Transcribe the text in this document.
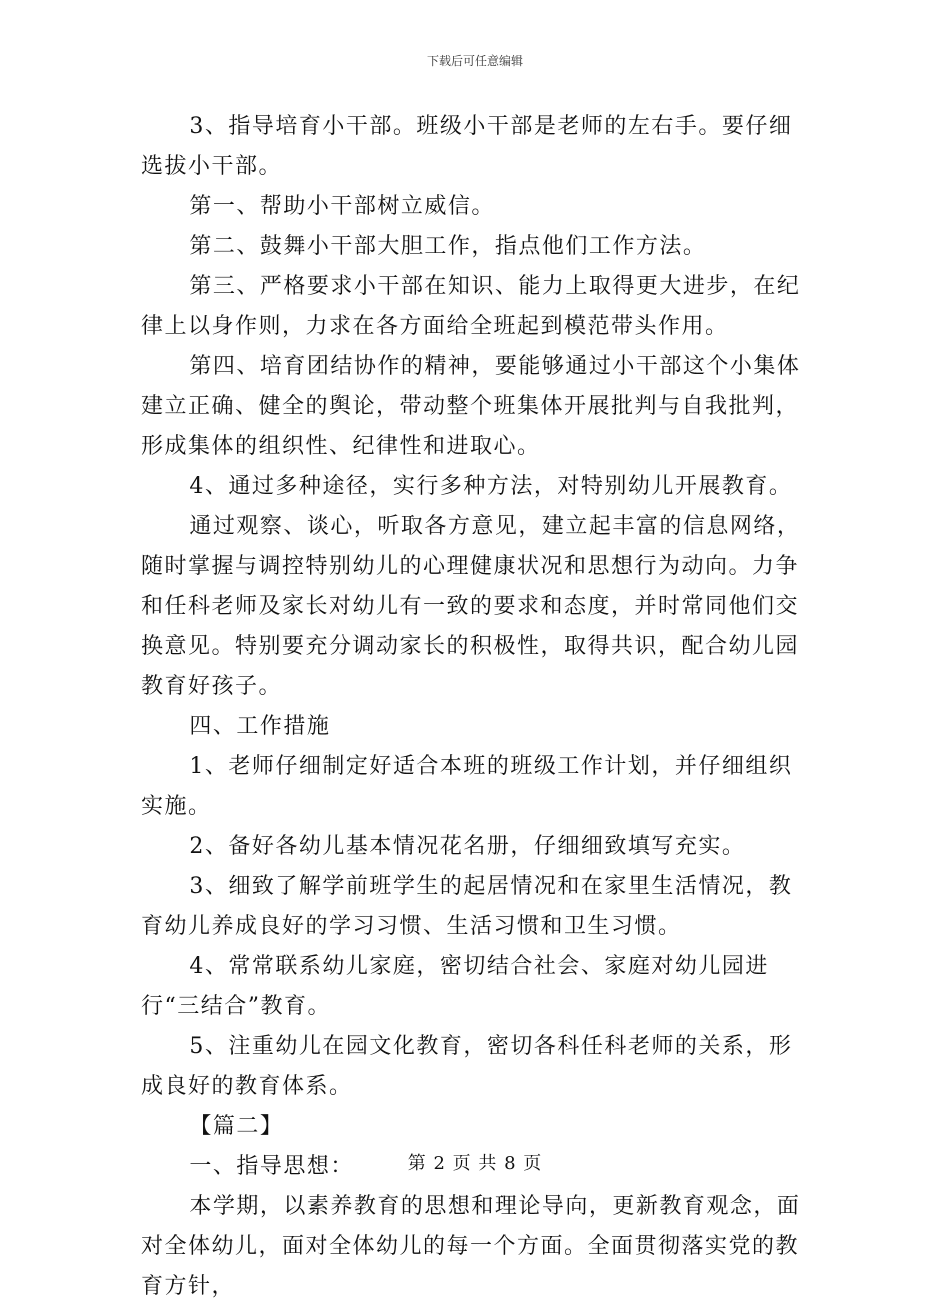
下载后可任意编辑

3、指导培育小干部。班级小干部是老师的左右手。要仔细选拔小干部。

第一、帮助小干部树立威信。

第二、鼓舞小干部大胆工作，指点他们工作方法。

第三、严格要求小干部在知识、能力上取得更大进步，在纪律上以身作则，力求在各方面给全班起到模范带头作用。

第四、培育团结协作的精神，要能够通过小干部这个小集体建立正确、健全的舆论，带动整个班集体开展批判与自我批判，形成集体的组织性、纪律性和进取心。

4、通过多种途径，实行多种方法，对特别幼儿开展教育。

通过观察、谈心，听取各方意见，建立起丰富的信息网络，随时掌握与调控特别幼儿的心理健康状况和思想行为动向。力争和任科老师及家长对幼儿有一致的要求和态度，并时常同他们交换意见。特别要充分调动家长的积极性，取得共识，配合幼儿园教育好孩子。

四、工作措施

1、老师仔细制定好适合本班的班级工作计划，并仔细组织实施。

2、备好各幼儿基本情况花名册，仔细细致填写充实。

3、细致了解学前班学生的起居情况和在家里生活情况，教育幼儿养成良好的学习习惯、生活习惯和卫生习惯。

4、常常联系幼儿家庭，密切结合社会、家庭对幼儿园进行“三结合”教育。

5、注重幼儿在园文化教育，密切各科任科老师的关系，形成良好的教育体系。

【篇二】

一、指导思想：

本学期，以素养教育的思想和理论导向，更新教育观念，面对全体幼儿，面对全体幼儿的每一个方面。全面贯彻落实党的教育方针，

第 2 页 共 8 页
